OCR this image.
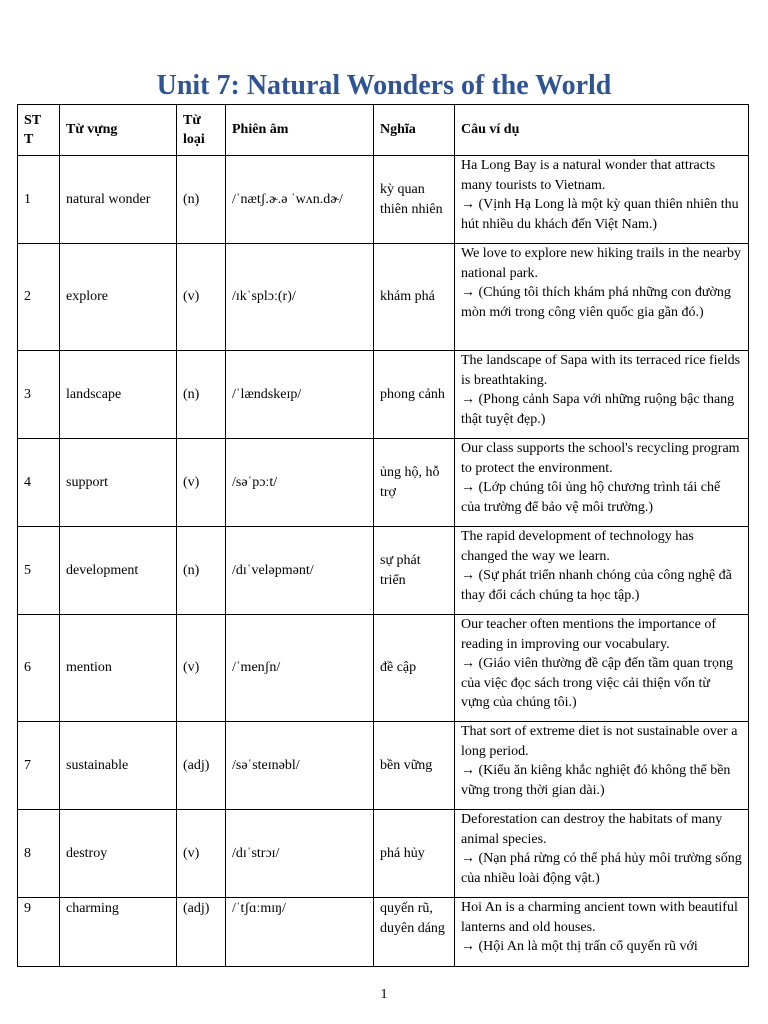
Unit 7: Natural Wonders of the World
ST T	Từ vựng	Từ loại	Phiên âm	Nghĩa	Câu ví dụ
1	natural wonder	(n)	/ˈnætʃ.ɚ.ə ˈwʌn.dɚ/	kỳ quan thiên nhiên	Ha Long Bay is a natural wonder that attracts many tourists to Vietnam.
→ (Vịnh Hạ Long là một kỳ quan thiên nhiên thu hút nhiều du khách đến Việt Nam.)

2	explore	(v)	/ɪkˈsplɔː(r)/	khám phá	We love to explore new hiking trails in the nearby national park.
→ (Chúng tôi thích khám phá những con đường mòn mới trong công viên quốc gia gần đó.)

3	landscape	(n)	/ˈlændskeɪp/	phong cảnh	The landscape of Sapa with its terraced rice fields is breathtaking.
→ (Phong cảnh Sapa với những ruộng bậc thang thật tuyệt đẹp.)

4	support	(v)	/səˈpɔːt/	ủng hộ, hỗ trợ	Our class supports the school's recycling program to protect the environment.
→ (Lớp chúng tôi ủng hộ chương trình tái chế của trường để bảo vệ môi trường.)

5	development	(n)	/dɪˈveləpmənt/	sự phát triển	The rapid development of technology has changed the way we learn.
→ (Sự phát triển nhanh chóng của công nghệ đã thay đổi cách chúng ta học tập.)

6	mention	(v)	/ˈmenʃn/	đề cập	Our teacher often mentions the importance of reading in improving our vocabulary.
→ (Giáo viên thường đề cập đến tầm quan trọng của việc đọc sách trong việc cải thiện vốn từ vựng của chúng tôi.)

7	sustainable	(adj)	/səˈsteɪnəbl/	bền vững	That sort of extreme diet is not sustainable over a long period.
→ (Kiểu ăn kiêng khắc nghiệt đó không thể bền vững trong thời gian dài.)

8	destroy	(v)	/dɪˈstrɔɪ/	phá hủy	Deforestation can destroy the habitats of many animal species.
→ (Nạn phá rừng có thể phá hủy môi trường sống của nhiều loài động vật.)

9	charming	(adj)	/ˈtʃɑːmɪŋ/	quyến rũ, duyên dáng	Hoi An is a charming ancient town with beautiful lanterns and old houses.
→ (Hội An là một thị trấn cổ quyến rũ với
1
